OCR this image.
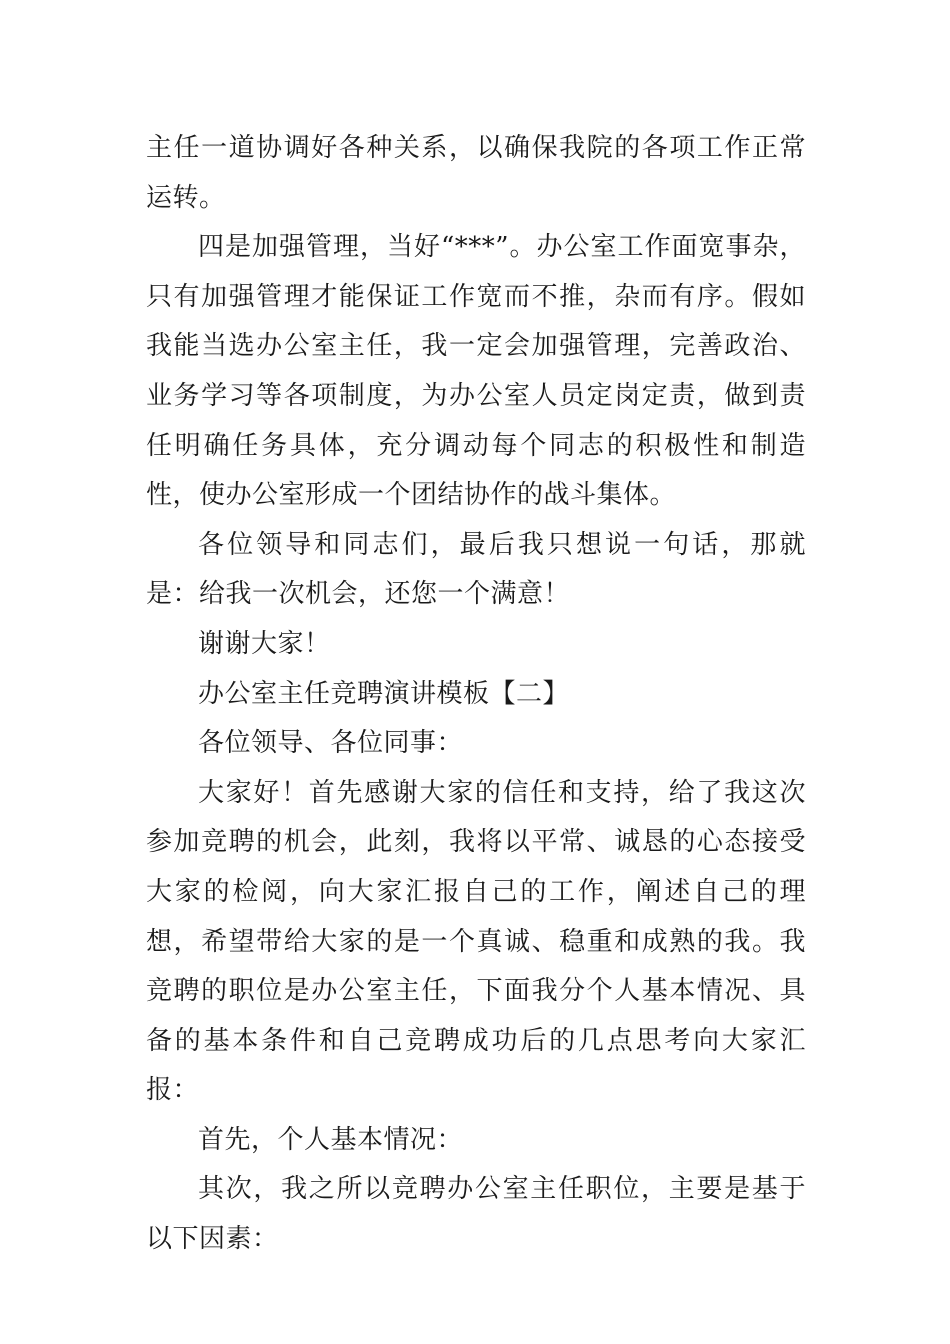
主任一道协调好各种关系，以确保我院的各项工作正常运转。

四是加强管理，当好“***”。办公室工作面宽事杂，只有加强管理才能保证工作宽而不推，杂而有序。假如我能当选办公室主任，我一定会加强管理，完善政治、业务学习等各项制度，为办公室人员定岗定责，做到责任明确任务具体，充分调动每个同志的积极性和制造性，使办公室形成一个团结协作的战斗集体。

各位领导和同志们，最后我只想说一句话，那就是：给我一次机会，还您一个满意！

谢谢大家！

办公室主任竞聘演讲模板【二】

各位领导、各位同事：

大家好！首先感谢大家的信任和支持，给了我这次参加竞聘的机会，此刻，我将以平常、诚恳的心态接受大家的检阅，向大家汇报自己的工作，阐述自己的理想，希望带给大家的是一个真诚、稳重和成熟的我。我竞聘的职位是办公室主任，下面我分个人基本情况、具备的基本条件和自己竞聘成功后的几点思考向大家汇报：

首先，个人基本情况：

其次，我之所以竞聘办公室主任职位，主要是基于以下因素：
